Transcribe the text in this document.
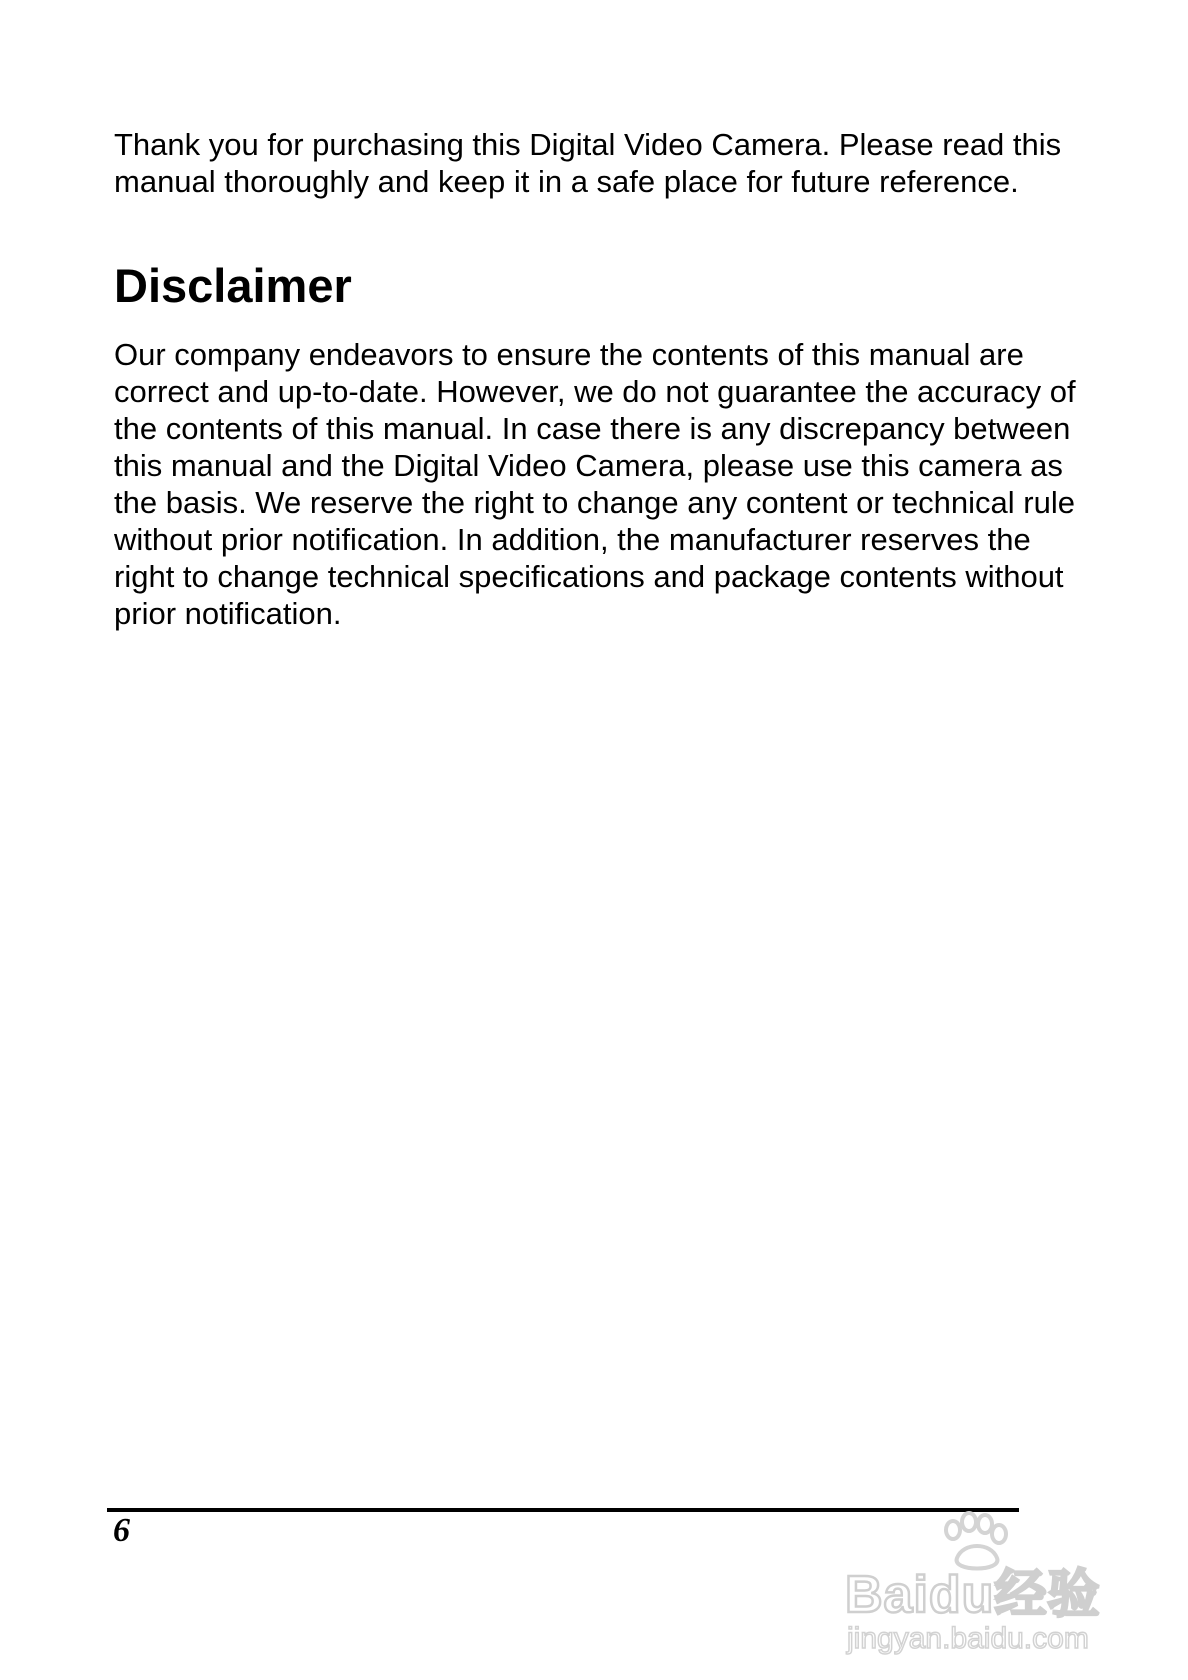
Thank you for purchasing this Digital Video Camera. Please read this manual thoroughly and keep it in a safe place for future reference.

Disclaimer

Our company endeavors to ensure the contents of this manual are correct and up-to-date. However, we do not guarantee the accuracy of the contents of this manual. In case there is any discrepancy between this manual and the Digital Video Camera, please use this camera as the basis. We reserve the right to change any content or technical rule without prior notification. In addition, the manufacturer reserves the right to change technical specifications and package contents without prior notification.

6
Baidu经验
jingyan.baidu.com
